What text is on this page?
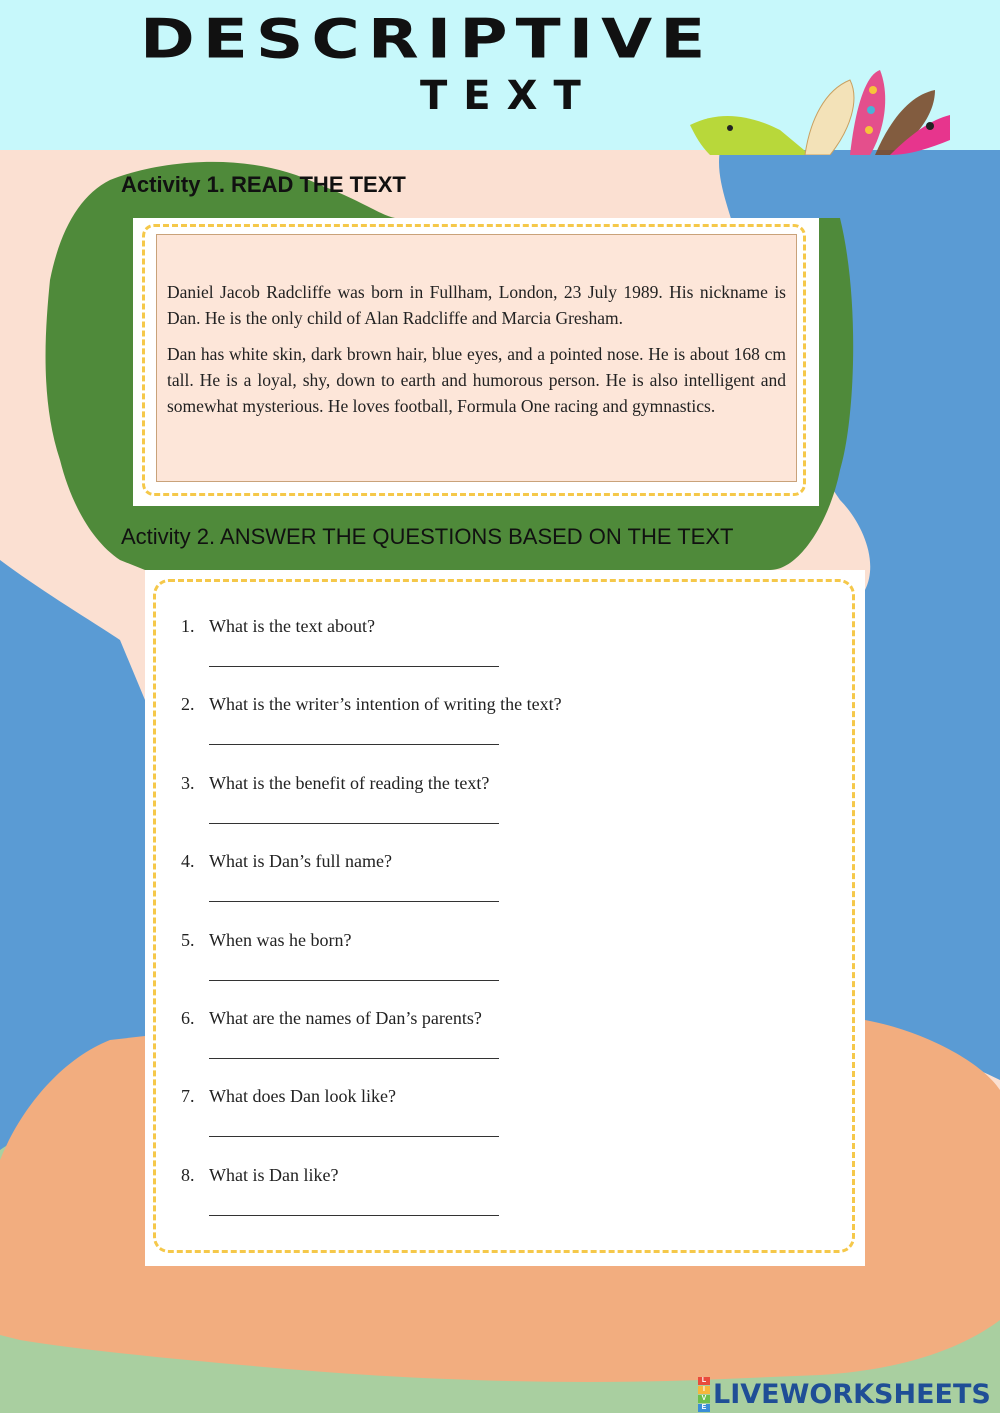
DESCRIPTIVE
TEXT
Activity 1. READ THE TEXT

Daniel Jacob Radcliffe was born in Fullham, London, 23 July 1989. His nickname is Dan. He is the only child of Alan Radcliffe and Marcia Gresham.

Dan has white skin, dark brown hair, blue eyes, and a pointed nose. He is about 168 cm tall. He is a loyal, shy, down to earth and humorous person. He is also intelligent and somewhat mysterious. He loves football, Formula One racing and gymnastics.

Activity 2. ANSWER THE QUESTIONS BASED ON THE TEXT
1. What is the text about?
2. What is the writer’s intention of writing the text?
3. What is the benefit of reading the text?
4. What is Dan’s full name?
5. When was he born?
6. What are the names of Dan’s parents?
7. What does Dan look like?
8. What is Dan like?
L
I
V
E LIVEWORKSHEETS
